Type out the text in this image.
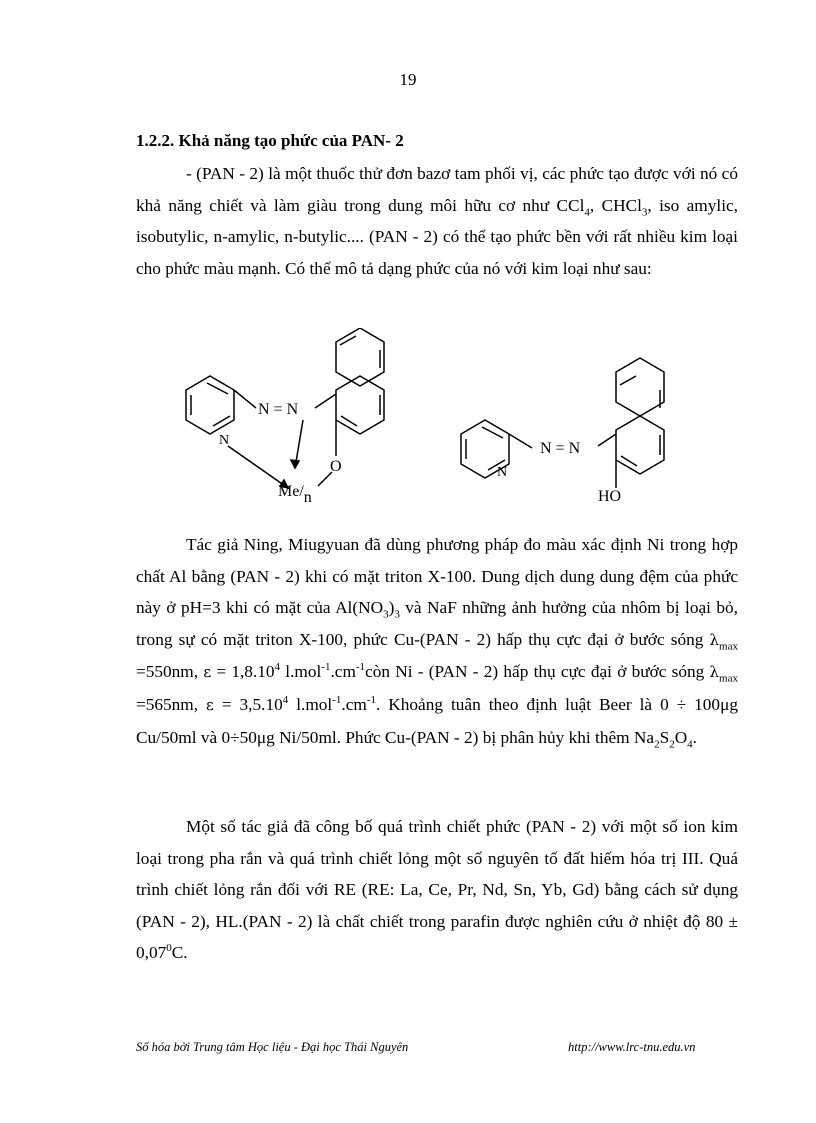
19
1.2.2. Khả năng tạo phức của PAN- 2

- (PAN - 2) là một thuốc thử đơn bazơ tam phối vị, các phức tạo được với nó có khả năng chiết và làm giàu trong dung môi hữu cơ như CCl$_4$, CHCl$_3$, iso amylic, isobutylic, n-amylic, n-butylic.... (PAN - 2) có thể tạo phức bền với rất nhiều kim loại cho phức màu mạnh. Có thể mô tả dạng phức của nó với kim loại như sau:

N = N
N
O
Me/n
N = N
N
HO

Tác giả Ning, Miugyuan đã dùng phương pháp đo màu xác định Ni trong hợp chất Al bằng (PAN - 2) khi có mặt triton X-100. Dung dịch dung dung đệm của phức này ở pH=3 khi có mặt của $Al(NO_3)_3$ và NaF những ảnh hưởng của nhôm bị loại bỏ, trong sự có mặt triton X-100, phức Cu-(PAN - 2) hấp thụ cực đại ở bước sóng $\lambda_{max} =550nm$, $\varepsilon = 1,8.10^4$ $l.mol^{-1}.cm^{-1}còn$ Ni - (PAN - 2) hấp thụ cực đại ở bước sóng $\lambda_{max} =565nm$, $\varepsilon = 3,5.10^4$ $l.mol^{-1}.cm^{-1}$. Khoảng tuân theo định luật Beer là 0 ÷ 100μg Cu/50ml và 0÷50μg Ni/50ml. Phức Cu-(PAN - 2) bị phân hủy khi thêm $Na_2S_2O_4$.

Một số tác giả đã công bố quá trình chiết phức (PAN - 2) với một số ion kim loại trong pha rắn và quá trình chiết lỏng một số nguyên tố đất hiếm hóa trị III. Quá trình chiết lỏng rắn đối với RE (RE: La, Ce, Pr, Nd, Sn, Yb, Gd) bằng cách sử dụng (PAN - 2), HL.(PAN - 2) là chất chiết trong parafin được nghiên cứu ở nhiệt độ $80 \pm 0,07^0C$.

Số hóa bởi Trung tâm Học liệu - Đại học Thái Nguyên	http://www.lrc-tnu.edu.vn
